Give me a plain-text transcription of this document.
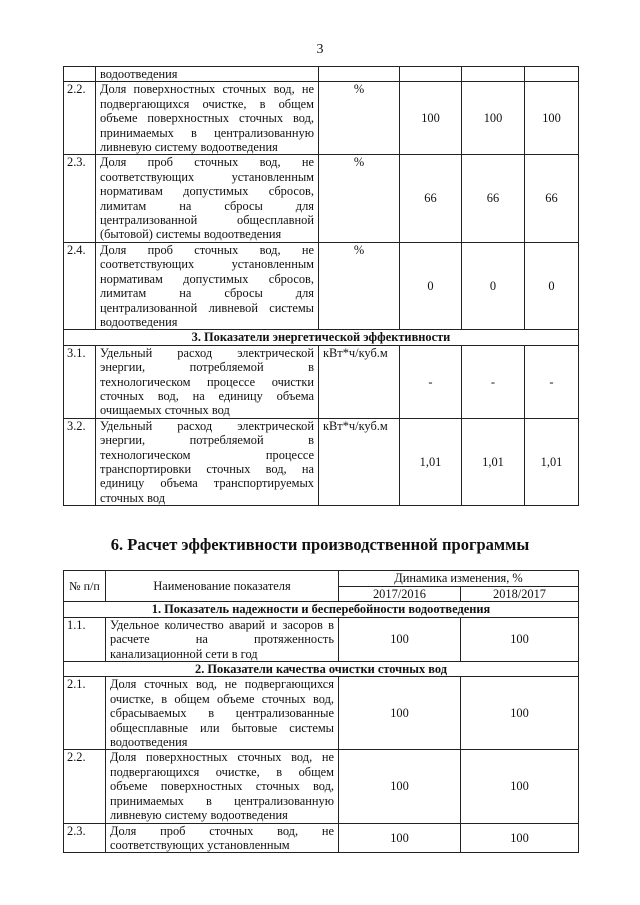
3
	водоотведения				
2.2.	Доля поверхностных сточных вод, не подвергающихся очистке, в общем объеме поверхностных сточных вод, принимаемых в централизованную ливневую систему водоотведения	%	100	100	100
2.3.	Доля проб сточных вод, не соответствующих установленным нормативам допустимых сбросов, лимитам на сбросы для централизованной общесплавной (бытовой) системы водоотведения	%	66	66	66
2.4.	Доля проб сточных вод, не соответствующих установленным нормативам допустимых сбросов, лимитам на сбросы для централизованной ливневой системы водоотведения	%	0	0	0
3. Показатели энергетической эффективности					
3.1.	Удельный расход электрической энергии, потребляемой в технологическом процессе очистки сточных вод, на единицу объема очищаемых сточных вод	кВт*ч/куб.м	-	-	-
3.2.	Удельный расход электрической энергии, потребляемой в технологическом процессе транспортировки сточных вод, на единицу объема транспортируемых сточных вод	кВт*ч/куб.м	1,01	1,01	1,01
6. Расчет эффективности производственной программы
№ п/п	Наименование показателя	Динамика изменения, %	
		2017/2016	2018/2017
1. Показатель надежности и бесперебойности водоотведения			
1.1.	Удельное количество аварий и засоров в расчете на протяженность канализационной сети в год	100	100
2. Показатели качества очистки сточных вод			
2.1.	Доля сточных вод, не подвергающихся очистке, в общем объеме сточных вод, сбрасываемых в централизованные общесплавные или бытовые системы водоотведения	100	100
2.2.	Доля поверхностных сточных вод, не подвергающихся очистке, в общем объеме поверхностных сточных вод, принимаемых в централизованную ливневую систему водоотведения	100	100
2.3.	Доля проб сточных вод, не соответствующих установленным	100	100
